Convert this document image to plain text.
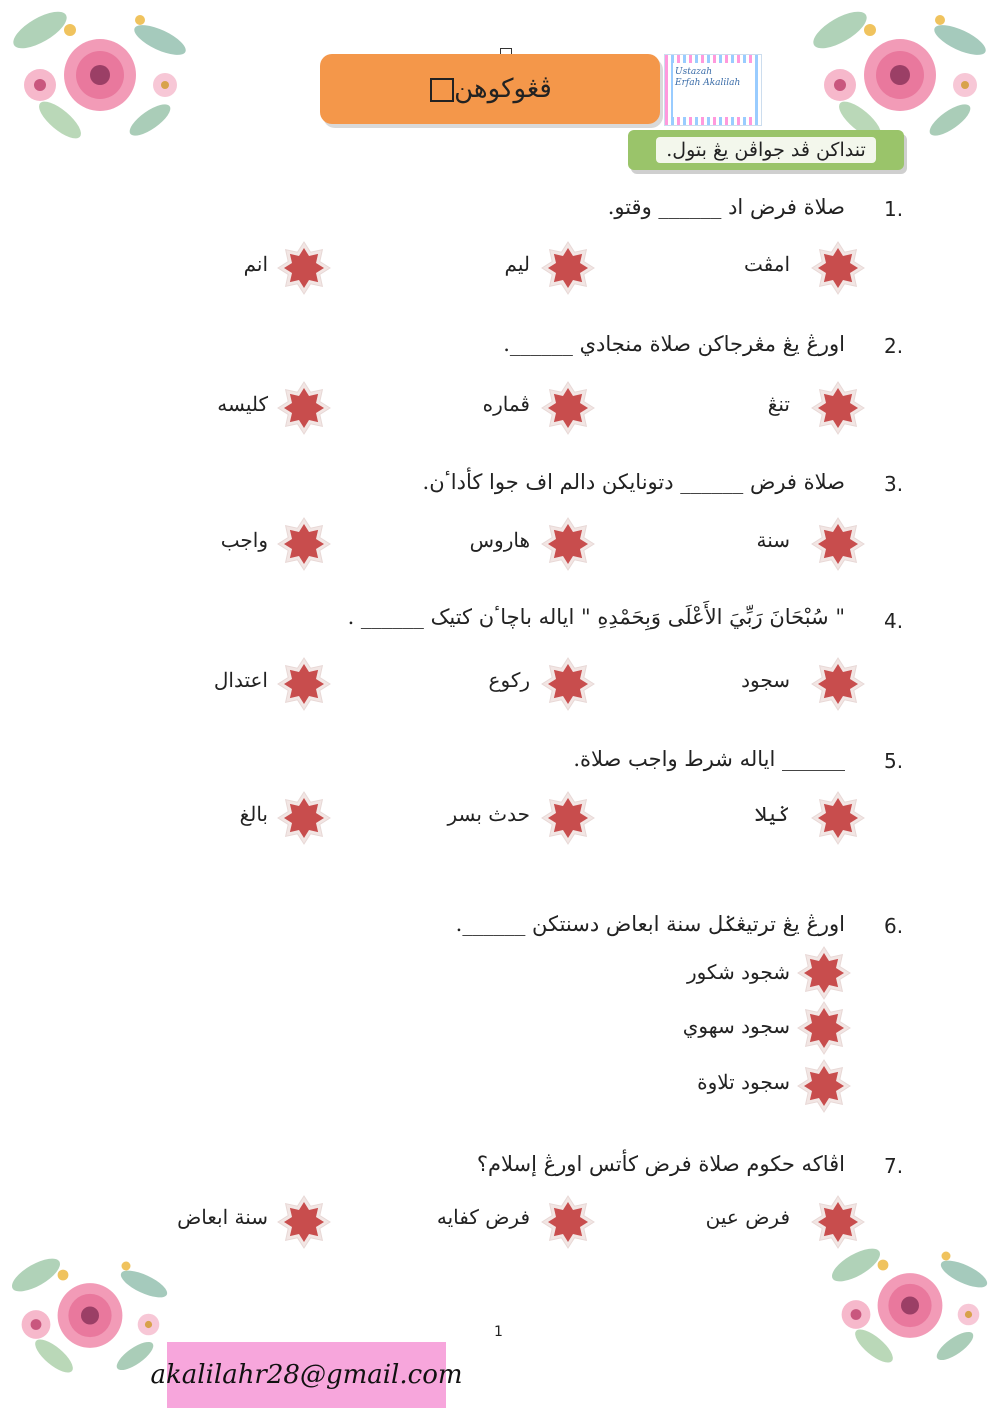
ڤڠوكوهن
Ustazah
Erfah Akalilah
تنداكن ڤد جواڤن يڠ بتول.
1.
صلاة فرض اد ______ وقتو.
امڤت
ليم
انم
2.
اورڠ يڠ مڠرجاكن صلاة منجادي ______.
تنڠ
ڤماره
كليسه
3.
صلاة فرض ______ دتونايكن دالم اف جوا كأداٴن.
سنة
هاروس
واجب
4.
" سُبْحَانَ رَبِّيَ الأَعْلَى وَبِحَمْدِهِ " اياله باچاٴن كتيک ______ .
سجود
ركوع
اعتدال
5.
______ اياله شرط واجب صلاة.
ݢيلا
حدث بسر
بالغ
6.
اورڠ يڠ ترتيڠݢل سنة ابعاض دسنتكن ______.
شجود شكور
سجود سهوي
سجود تلاوة
7.
اڤاكه حكوم صلاة فرض كأتس اورڠ إسلام؟
فرض عين
فرض كفايه
سنة ابعاض
1
akalilahr28@gmail.com
